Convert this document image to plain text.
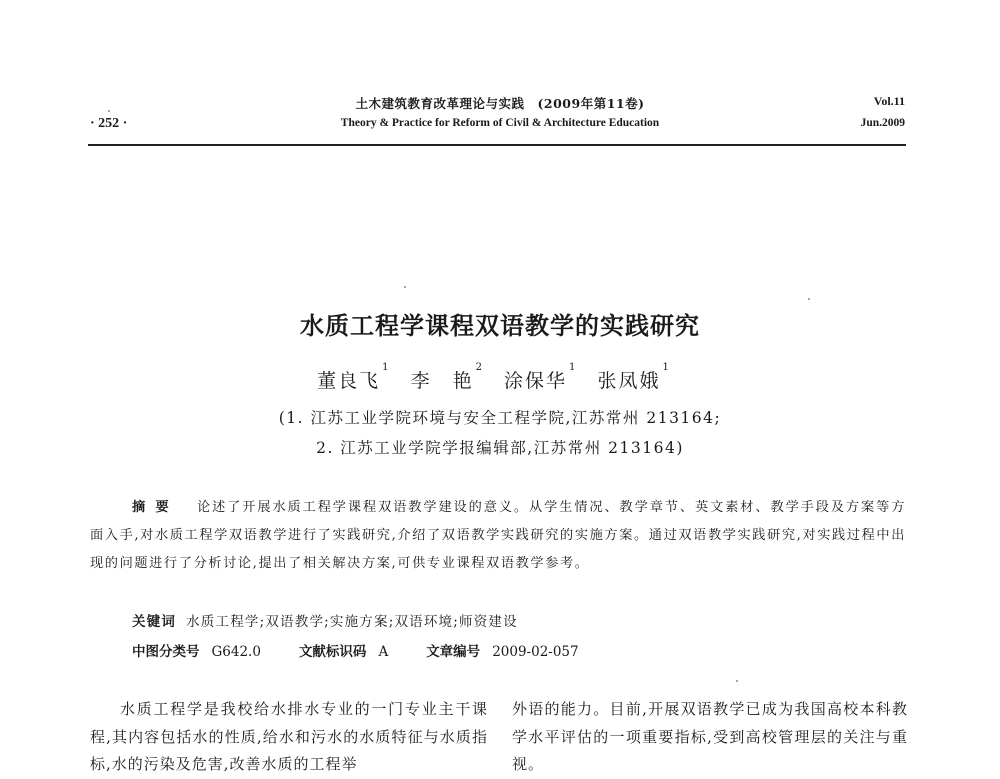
土木建筑教育改革理论与实践　(2009年第11卷)
Theory & Practice for Reform of Civil & Architecture Education
· 252 ·
Vol.11
Jun.2009
水质工程学课程双语教学的实践研究
董良飞$^1$ 李　艳$^2$ 涂保华$^1$ 张凤娥$^1$
(1. 江苏工业学院环境与安全工程学院,江苏常州 213164;
2. 江苏工业学院学报编辑部,江苏常州 213164)
摘要 论述了开展水质工程学课程双语教学建设的意义。从学生情况、教学章节、英文素材、教学手段及方案等方面入手,对水质工程学双语教学进行了实践研究,介绍了双语教学实践研究的实施方案。通过双语教学实践研究,对实践过程中出现的问题进行了分析讨论,提出了相关解决方案,可供专业课程双语教学参考。
关键词 水质工程学;双语教学;实施方案;双语环境;师资建设
中图分类号 G642.0	文献标识码 A	文章编号 2009-02-057
水质工程学是我校给水排水专业的一门专业主干课程,其内容包括水的性质,给水和污水的水质特征与水质指标,水的污染及危害,改善水质的工程举
外语的能力。目前,开展双语教学已成为我国高校本科教学水平评估的一项重要指标,受到高校管理层的关注与重视。
